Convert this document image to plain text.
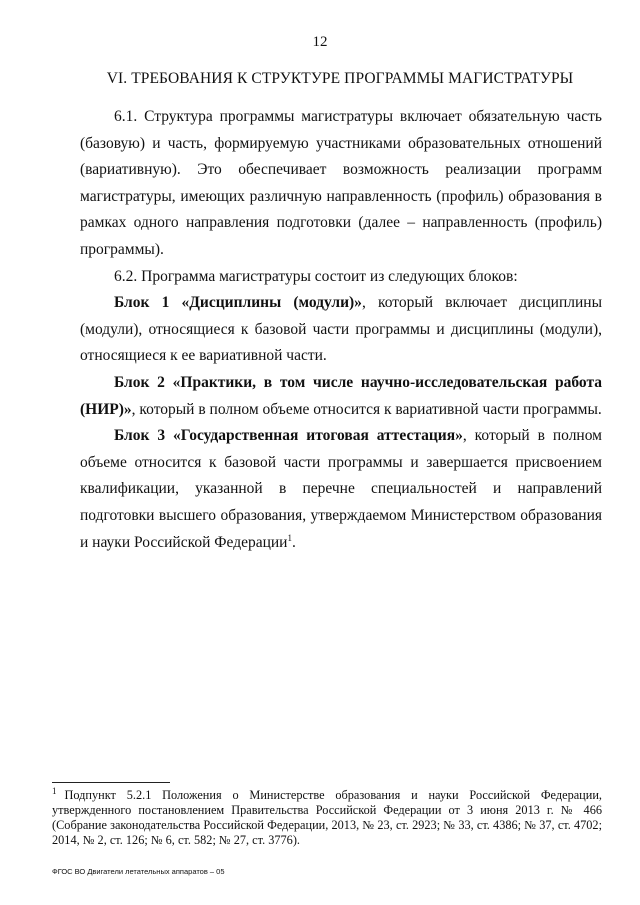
12
VI. ТРЕБОВАНИЯ К СТРУКТУРЕ ПРОГРАММЫ МАГИСТРАТУРЫ

6.1. Структура программы магистратуры включает обязательную часть (базовую) и часть, формируемую участниками образовательных отношений (вариативную). Это обеспечивает возможность реализации программ магистратуры, имеющих различную направленность (профиль) образования в рамках одного направления подготовки (далее – направленность (профиль) программы).

6.2. Программа магистратуры состоит из следующих блоков:

Блок 1 «Дисциплины (модули)», который включает дисциплины (модули), относящиеся к базовой части программы и дисциплины (модули), относящиеся к ее вариативной части.

Блок 2 «Практики, в том числе научно-исследовательская работа (НИР)», который в полном объеме относится к вариативной части программы.

Блок 3 «Государственная итоговая аттестация», который в полном объеме относится к базовой части программы и завершается присвоением квалификации, указанной в перечне специальностей и направлений подготовки высшего образования, утверждаемом Министерством образования и науки Российской Федерации$^1$.

$^1$ Подпункт 5.2.1 Положения о Министерстве образования и науки Российской Федерации, утвержденного постановлением Правительства Российской Федерации от 3 июня 2013 г. № 466 (Собрание законодательства Российской Федерации, 2013, № 23, ст. 2923; № 33, ст. 4386; № 37, ст. 4702; 2014, № 2, ст. 126; № 6, ст. 582; № 27, ст. 3776).
ФГОС ВО Двигатели летательных аппаратов – 05
